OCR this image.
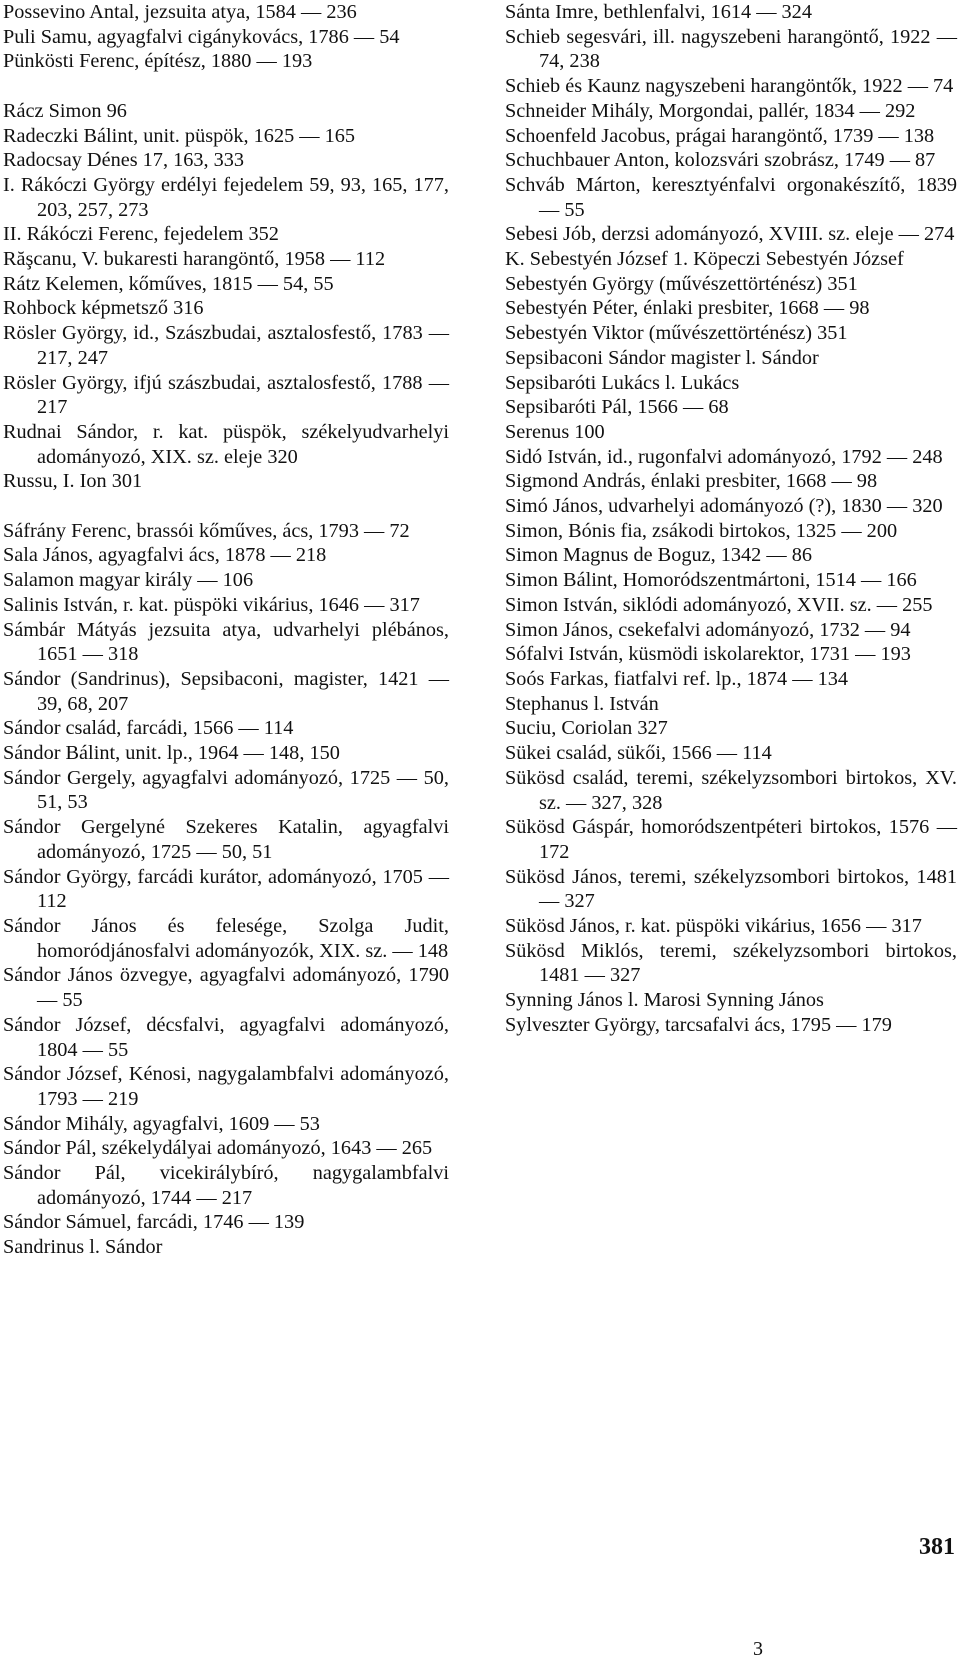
Possevino Antal, jezsuita atya, 1584 — 236

Puli Samu, agyagfalvi cigánykovács, 1786 — 54

Pünkösti Ferenc, építész, 1880 — 193

Rácz Simon 96

Radeczki Bálint, unit. püspök, 1625 — 165

Radocsay Dénes 17, 163, 333

I. Rákóczi György erdélyi fejedelem 59, 93, 165, 177, 203, 257, 273

II. Rákóczi Ferenc, fejedelem 352

Răşcanu, V. bukaresti harangöntő, 1958 — 112

Rátz Kelemen, kőműves, 1815 — 54, 55

Rohbock képmetsző 316

Rösler György, id., Szászbudai, asztalosfestő, 1783 — 217, 247

Rösler György, ifjú szászbudai, asztalosfestő, 1788 — 217

Rudnai Sándor, r. kat. püspök, székelyudvarhelyi adományozó, XIX. sz. eleje 320

Russu, I. Ion 301

Sáfrány Ferenc, brassói kőműves, ács, 1793 — 72

Sala János, agyagfalvi ács, 1878 — 218

Salamon magyar király — 106

Salinis István, r. kat. püspöki vikárius, 1646 — 317

Sámbár Mátyás jezsuita atya, udvarhelyi plébános, 1651 — 318

Sándor (Sandrinus), Sepsibaconi, magister, 1421 — 39, 68, 207

Sándor család, farcádi, 1566 — 114

Sándor Bálint, unit. lp., 1964 — 148, 150

Sándor Gergely, agyagfalvi adományozó, 1725 — 50, 51, 53

Sándor Gergelyné Szekeres Katalin, agyagfalvi adományozó, 1725 — 50, 51

Sándor György, farcádi kurátor, adományozó, 1705 — 112

Sándor János és felesége, Szolga Judit, homoródjánosfalvi adományozók, XIX. sz. — 148

Sándor János özvegye, agyagfalvi adományozó, 1790 — 55

Sándor József, décsfalvi, agyagfalvi adományozó, 1804 — 55

Sándor József, Kénosi, nagygalambfalvi adományozó, 1793 — 219

Sándor Mihály, agyagfalvi, 1609 — 53

Sándor Pál, székelydályai adományozó, 1643 — 265

Sándor Pál, vicekirálybíró, nagygalambfalvi adományozó, 1744 — 217

Sándor Sámuel, farcádi, 1746 — 139

Sandrinus l. Sándor

Sánta Imre, bethlenfalvi, 1614 — 324

Schieb segesvári, ill. nagyszebeni harangöntő, 1922 — 74, 238

Schieb és Kaunz nagyszebeni harangöntők, 1922 — 74

Schneider Mihály, Morgondai, pallér, 1834 — 292

Schoenfeld Jacobus, prágai harangöntő, 1739 — 138

Schuchbauer Anton, kolozsvári szobrász, 1749 — 87

Schváb Márton, keresztyénfalvi orgonakészítő, 1839 — 55

Sebesi Jób, derzsi adományozó, XVIII. sz. eleje — 274

K. Sebestyén József 1. Köpeczi Sebestyén József

Sebestyén György (művészettörténész) 351

Sebestyén Péter, énlaki presbiter, 1668 — 98

Sebestyén Viktor (művészettörténész) 351

Sepsibaconi Sándor magister l. Sándor

Sepsibaróti Lukács l. Lukács

Sepsibaróti Pál, 1566 — 68

Serenus 100

Sidó István, id., rugonfalvi adományozó, 1792 — 248

Sigmond András, énlaki presbiter, 1668 — 98

Simó János, udvarhelyi adományozó (?), 1830 — 320

Simon, Bónis fia, zsákodi birtokos, 1325 — 200

Simon Magnus de Boguz, 1342 — 86

Simon Bálint, Homoródszentmártoni, 1514 — 166

Simon István, siklódi adományozó, XVII. sz. — 255

Simon János, csekefalvi adományozó, 1732 — 94

Sófalvi István, küsmödi iskolarektor, 1731 — 193

Soós Farkas, fiatfalvi ref. lp., 1874 — 134

Stephanus l. István

Suciu, Coriolan 327

Sükei család, sükői, 1566 — 114

Sükösd család, teremi, székelyzsombori birtokos, XV. sz. — 327, 328

Sükösd Gáspár, homoródszentpéteri birtokos, 1576 — 172

Sükösd János, teremi, székelyzsombori birtokos, 1481 — 327

Sükösd János, r. kat. püspöki vikárius, 1656 — 317

Sükösd Miklós, teremi, székelyzsombori birtokos, 1481 — 327

Synning János l. Marosi Synning János

Sylveszter György, tarcsafalvi ács, 1795 — 179

381
3
